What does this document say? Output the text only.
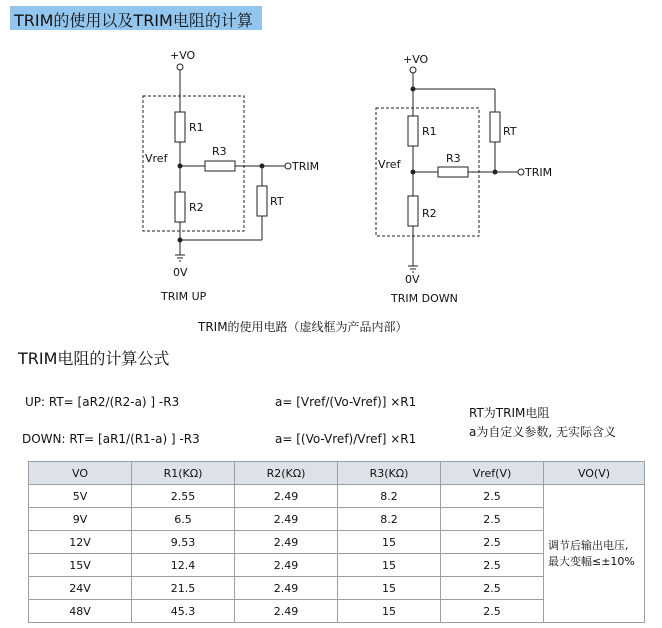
TRIM的使用以及TRIM电阻的计算
+VO
R1
Vref
R3
TRIM
RT
R2
0V
TRIM UP
+VO
RT
R1
Vref	R3
TRIM
R2
0V
TRIM DOWN
TRIM的使用电路（虚线框为产品内部）
TRIM电阻的计算公式
UP: RT= [aR2/(R2-a) ] -R3	a= [Vref/(Vo-Vref)] ×R1
DOWN: RT= [aR1/(R1-a) ] -R3	a= [(Vo-Vref)/Vref] ×R1
RT为TRIM电阻
a为自定义参数, 无实际含义
VO	R1(KΩ)	R2(KΩ)	R3(KΩ)	Vref(V)	VO(V)
5V	2.55	2.49	8.2	2.5	调节后输出电压,
最大变幅≤±10%

9V	6.5	2.49	8.2	2.5	
12V	9.53	2.49	15	2.5	
15V	12.4	2.49	15	2.5	
24V	21.5	2.49	15	2.5	
48V	45.3	2.49	15	2.5	
